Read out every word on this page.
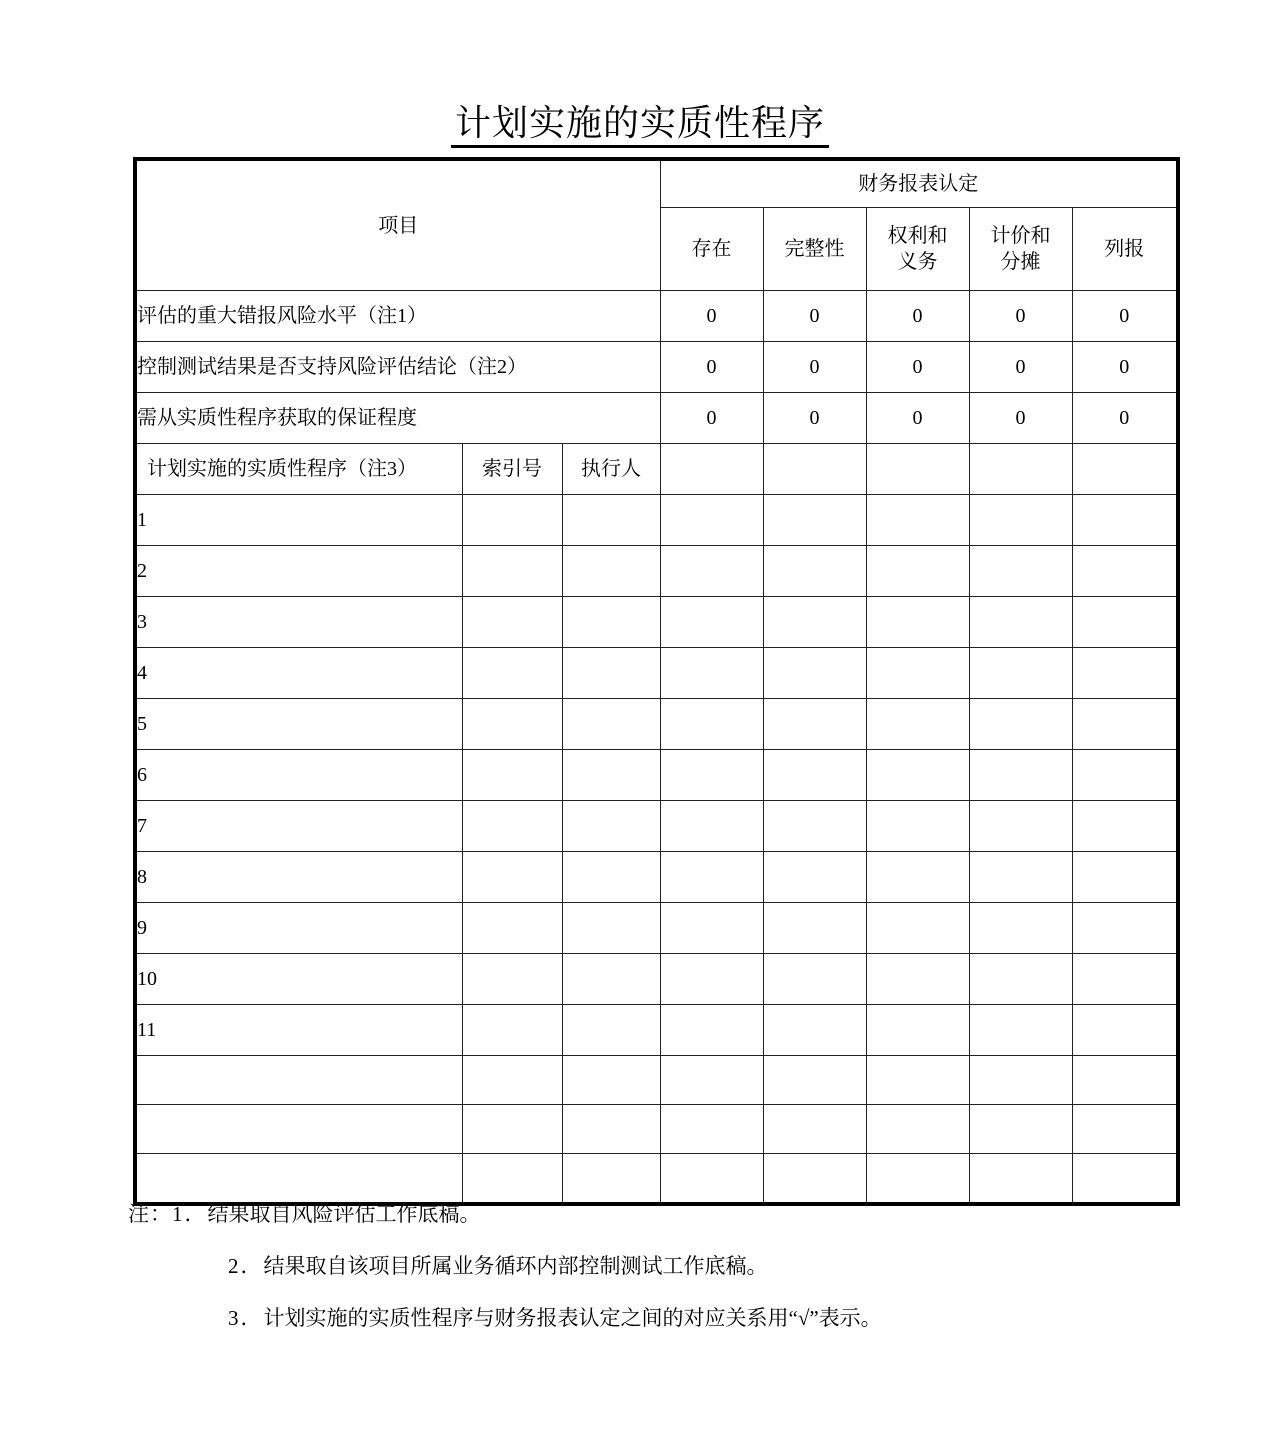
计划实施的实质性程序
项目			财务报表认定				
			存在	完整性	权利和义务	计价和分摊	列报
评估的重大错报风险水平（注1）			0	0	0	0	0
控制测试结果是否支持风险评估结论（注2）			0	0	0	0	0
需从实质性程序获取的保证程度			0	0	0	0	0
计划实施的实质性程序（注3）	索引号	执行人					
1							
2							
3							
4							
5							
6							
7							
8							
9							
10							
11							

注：1．结果取自风险评估工作底稿。
2．结果取自该项目所属业务循环内部控制测试工作底稿。
3．计划实施的实质性程序与财务报表认定之间的对应关系用“√”表示。
